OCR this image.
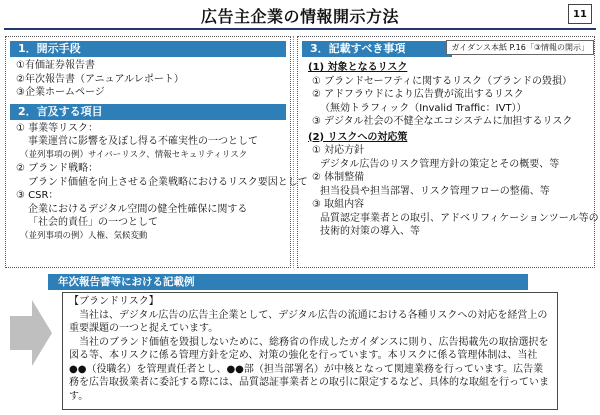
広告主企業の情報開示方法	11
1．開示手段
①有価証券報告書
②年次報告書（アニュアルレポート）
③企業ホームページ
2．言及する項目
① 事業等リスク：
事業運営に影響を及ぼし得る不確実性の一つとして
（並列事項の例）サイバーリスク、情報セキュリティリスク
② ブランド戦略：
ブランド価値を向上させる企業戦略におけるリスク要因として
③ CSR：
企業におけるデジタル空間の健全性確保に関する
「社会的責任」の一つとして
（並列事項の例）人権、気候変動
3．記載すべき事項
(1) 対象となるリスク
① ブランドセーフティに関するリスク（ブランドの毀損）
② アドフラウドにより広告費が流出するリスク
（無効トラフィック（Invalid Traffic：IVT））
③ デジタル社会の不健全なエコシステムに加担するリスク
(2) リスクへの対応策
① 対応方針
デジタル広告のリスク管理方針の策定とその概要、等
② 体制整備
担当役員や担当部署、リスク管理フローの整備、等
③ 取組内容
品質認定事業者との取引、アドベリフィケーションツール等の
技術的対策の導入、等
ガイダンス本紙 P.16「③情報の開示」
年次報告書等における記載例
【ブランドリスク】
当社は、デジタル広告の広告主企業として、デジタル広告の流通における各種リスクへの対応を経営上の重要課題の一つと捉えています。
当社のブランド価値を毀損しないために、総務省の作成したガイダンスに則り、広告掲載先の取捨選択を図る等、本リスクに係る管理方針を定め、対策の強化を行っています。本リスクに係る管理体制は、当社●●（役職名）を管理責任者とし、●●部（担当部署名）が中核となって関連業務を行っています。広告業務を広告取扱業者に委託する際には、品質認証事業者との取引に限定するなど、具体的な取組を行っています。
